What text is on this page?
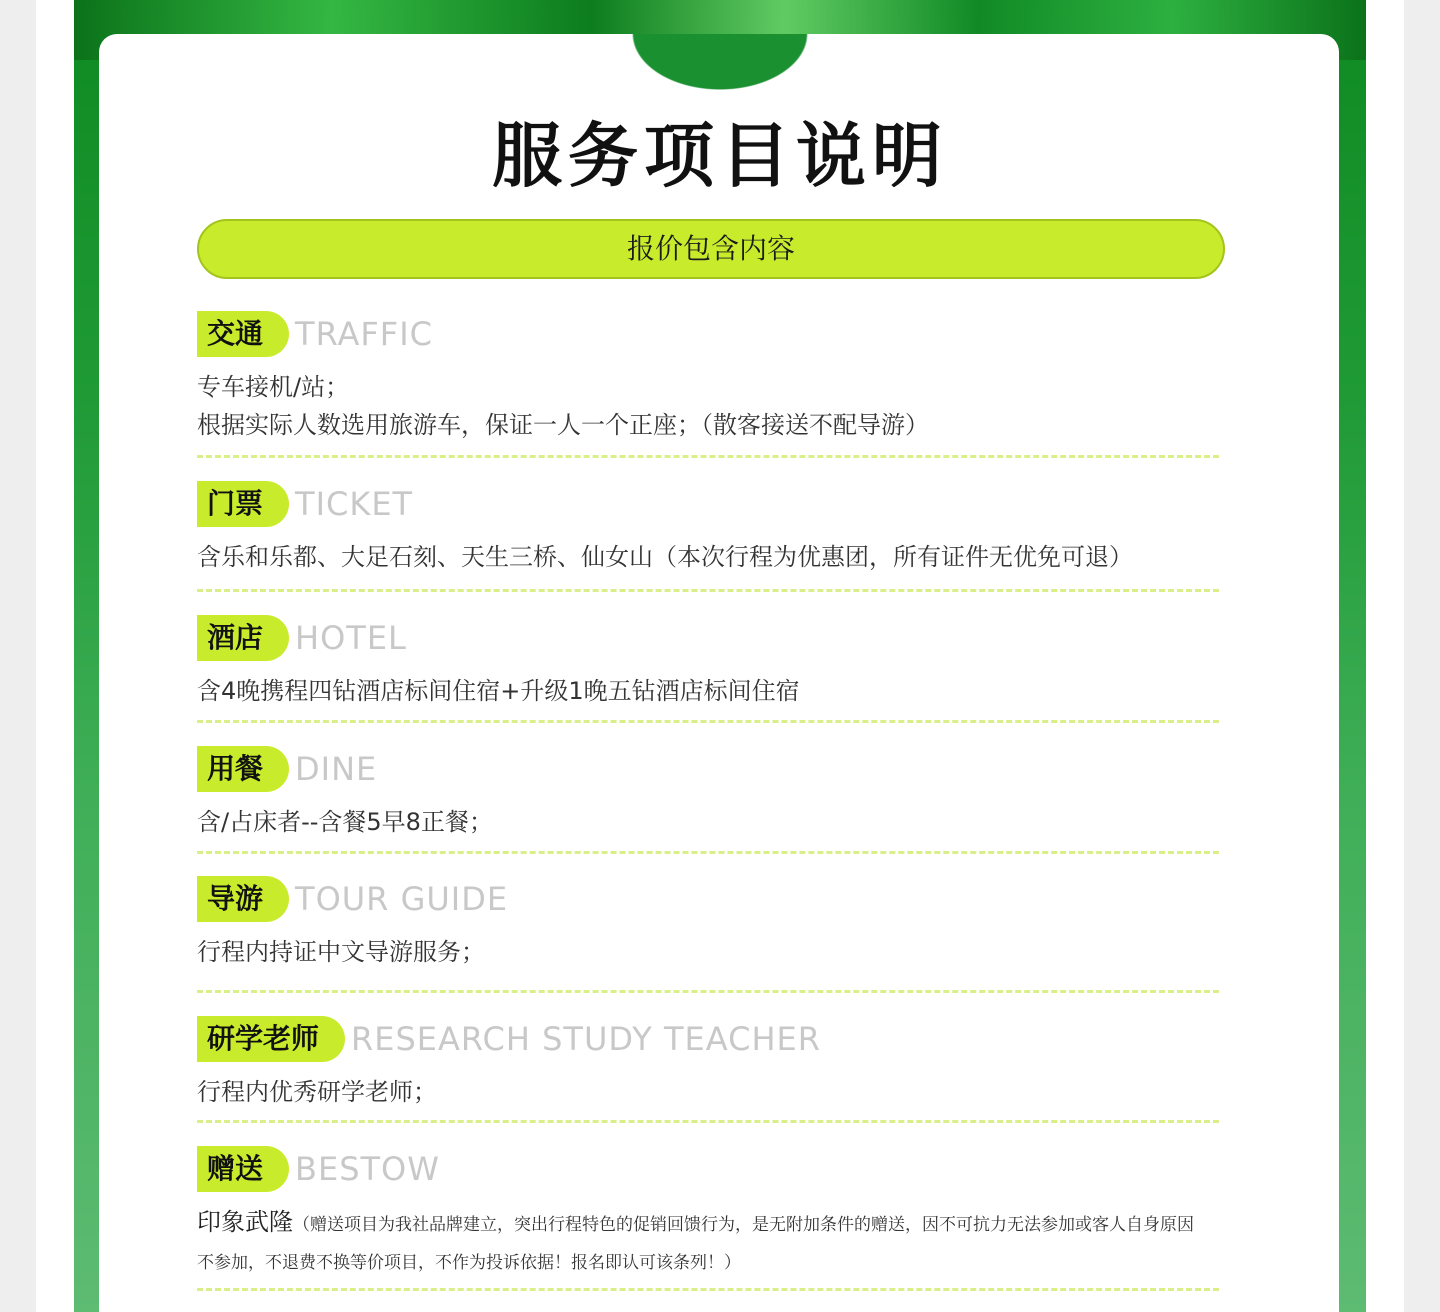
服务项目说明
报价包含内容
交通	TRAFFIC
专车接机/站；
根据实际人数选用旅游车，保证一人一个正座；（散客接送不配导游）
门票	TICKET
含乐和乐都、大足石刻、天生三桥、仙女山（本次行程为优惠团，所有证件无优免可退）
酒店	HOTEL
含4晚携程四钻酒店标间住宿+升级1晚五钻酒店标间住宿
用餐	DINE
含/占床者--含餐5早8正餐；
导游	TOUR GUIDE
行程内持证中文导游服务；
研学老师	RESEARCH STUDY TEACHER
行程内优秀研学老师；
赠送	BESTOW
印象武隆（赠送项目为我社品牌建立，突出行程特色的促销回馈行为，是无附加条件的赠送，因不可抗力无法参加或客人自身原因
不参加，不退费不换等价项目，不作为投诉依据！报名即认可该条列！）
